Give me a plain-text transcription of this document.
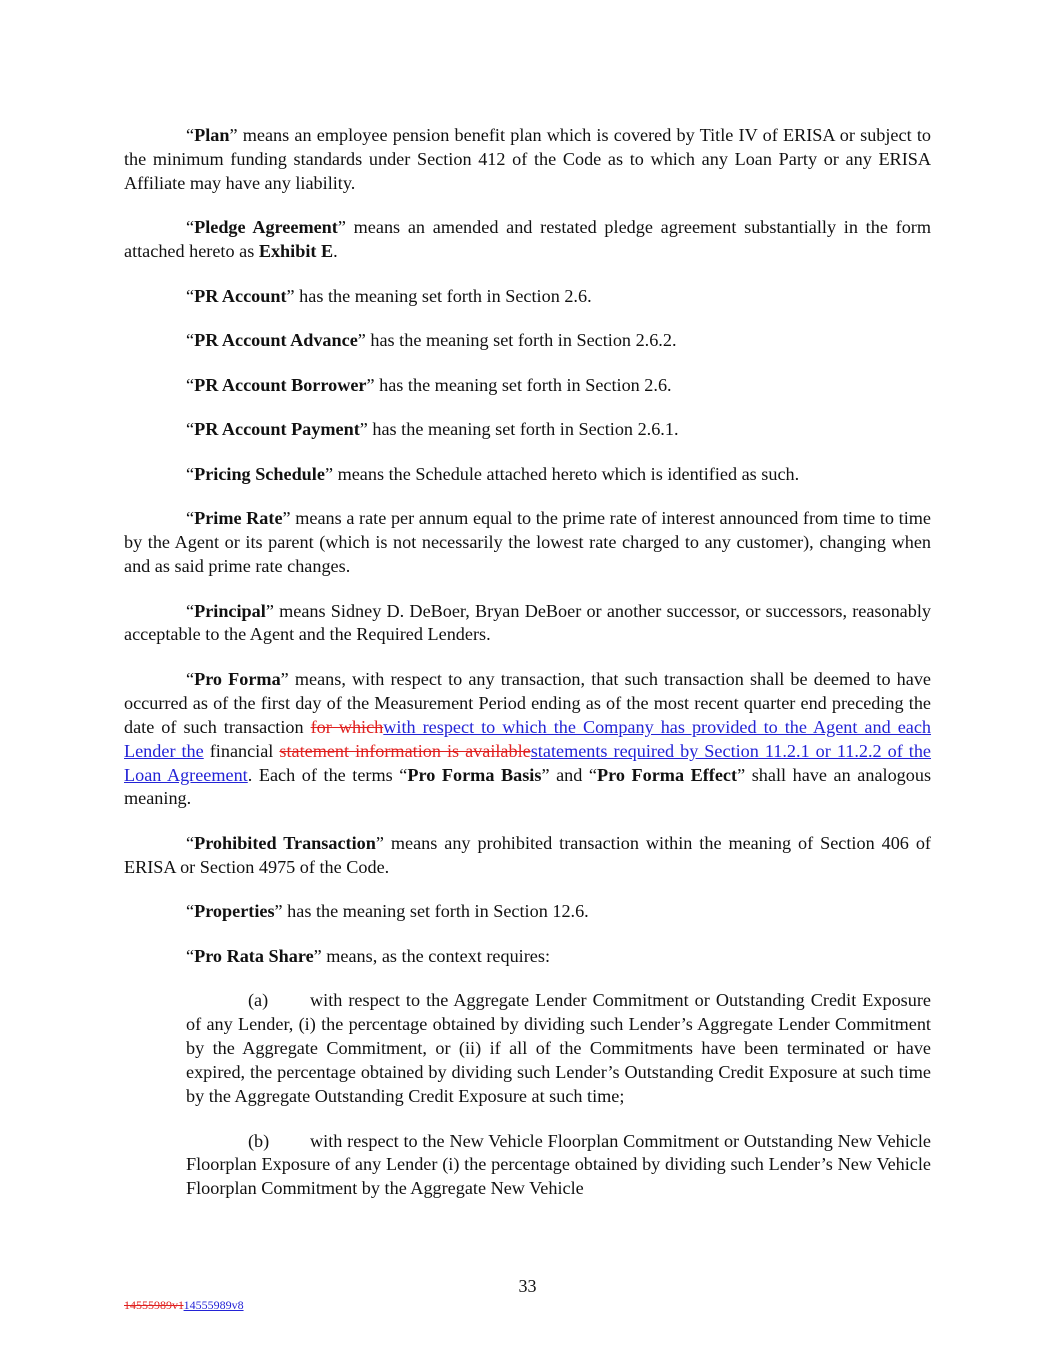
“Plan” means an employee pension benefit plan which is covered by Title IV of ERISA or subject to the minimum funding standards under Section 412 of the Code as to which any Loan Party or any ERISA Affiliate may have any liability.

“Pledge Agreement” means an amended and restated pledge agreement substantially in the form attached hereto as Exhibit E.

“PR Account” has the meaning set forth in Section 2.6.

“PR Account Advance” has the meaning set forth in Section 2.6.2.

“PR Account Borrower” has the meaning set forth in Section 2.6.

“PR Account Payment” has the meaning set forth in Section 2.6.1.

“Pricing Schedule” means the Schedule attached hereto which is identified as such.

“Prime Rate” means a rate per annum equal to the prime rate of interest announced from time to time by the Agent or its parent (which is not necessarily the lowest rate charged to any customer), changing when and as said prime rate changes.

“Principal” means Sidney D. DeBoer, Bryan DeBoer or another successor, or successors, reasonably acceptable to the Agent and the Required Lenders.

“Pro Forma” means, with respect to any transaction, that such transaction shall be deemed to have occurred as of the first day of the Measurement Period ending as of the most recent quarter end preceding the date of such transaction for whichwith respect to which the Company has provided to the Agent and each Lender the financial statement information is availablestatements required by Section 11.2.1 or 11.2.2 of the Loan Agreement. Each of the terms “Pro Forma Basis” and “Pro Forma Effect” shall have an analogous meaning.

“Prohibited Transaction” means any prohibited transaction within the meaning of Section 406 of ERISA or Section 4975 of the Code.

“Properties” has the meaning set forth in Section 12.6.

“Pro Rata Share” means, as the context requires:

(a) with respect to the Aggregate Lender Commitment or Outstanding Credit Exposure of any Lender, (i) the percentage obtained by dividing such Lender’s Aggregate Lender Commitment by the Aggregate Commitment, or (ii) if all of the Commitments have been terminated or have expired, the percentage obtained by dividing such Lender’s Outstanding Credit Exposure at such time by the Aggregate Outstanding Credit Exposure at such time;

(b) with respect to the New Vehicle Floorplan Commitment or Outstanding New Vehicle Floorplan Exposure of any Lender (i) the percentage obtained by dividing such Lender’s New Vehicle Floorplan Commitment by the Aggregate New Vehicle

33
14555989v114555989v8
